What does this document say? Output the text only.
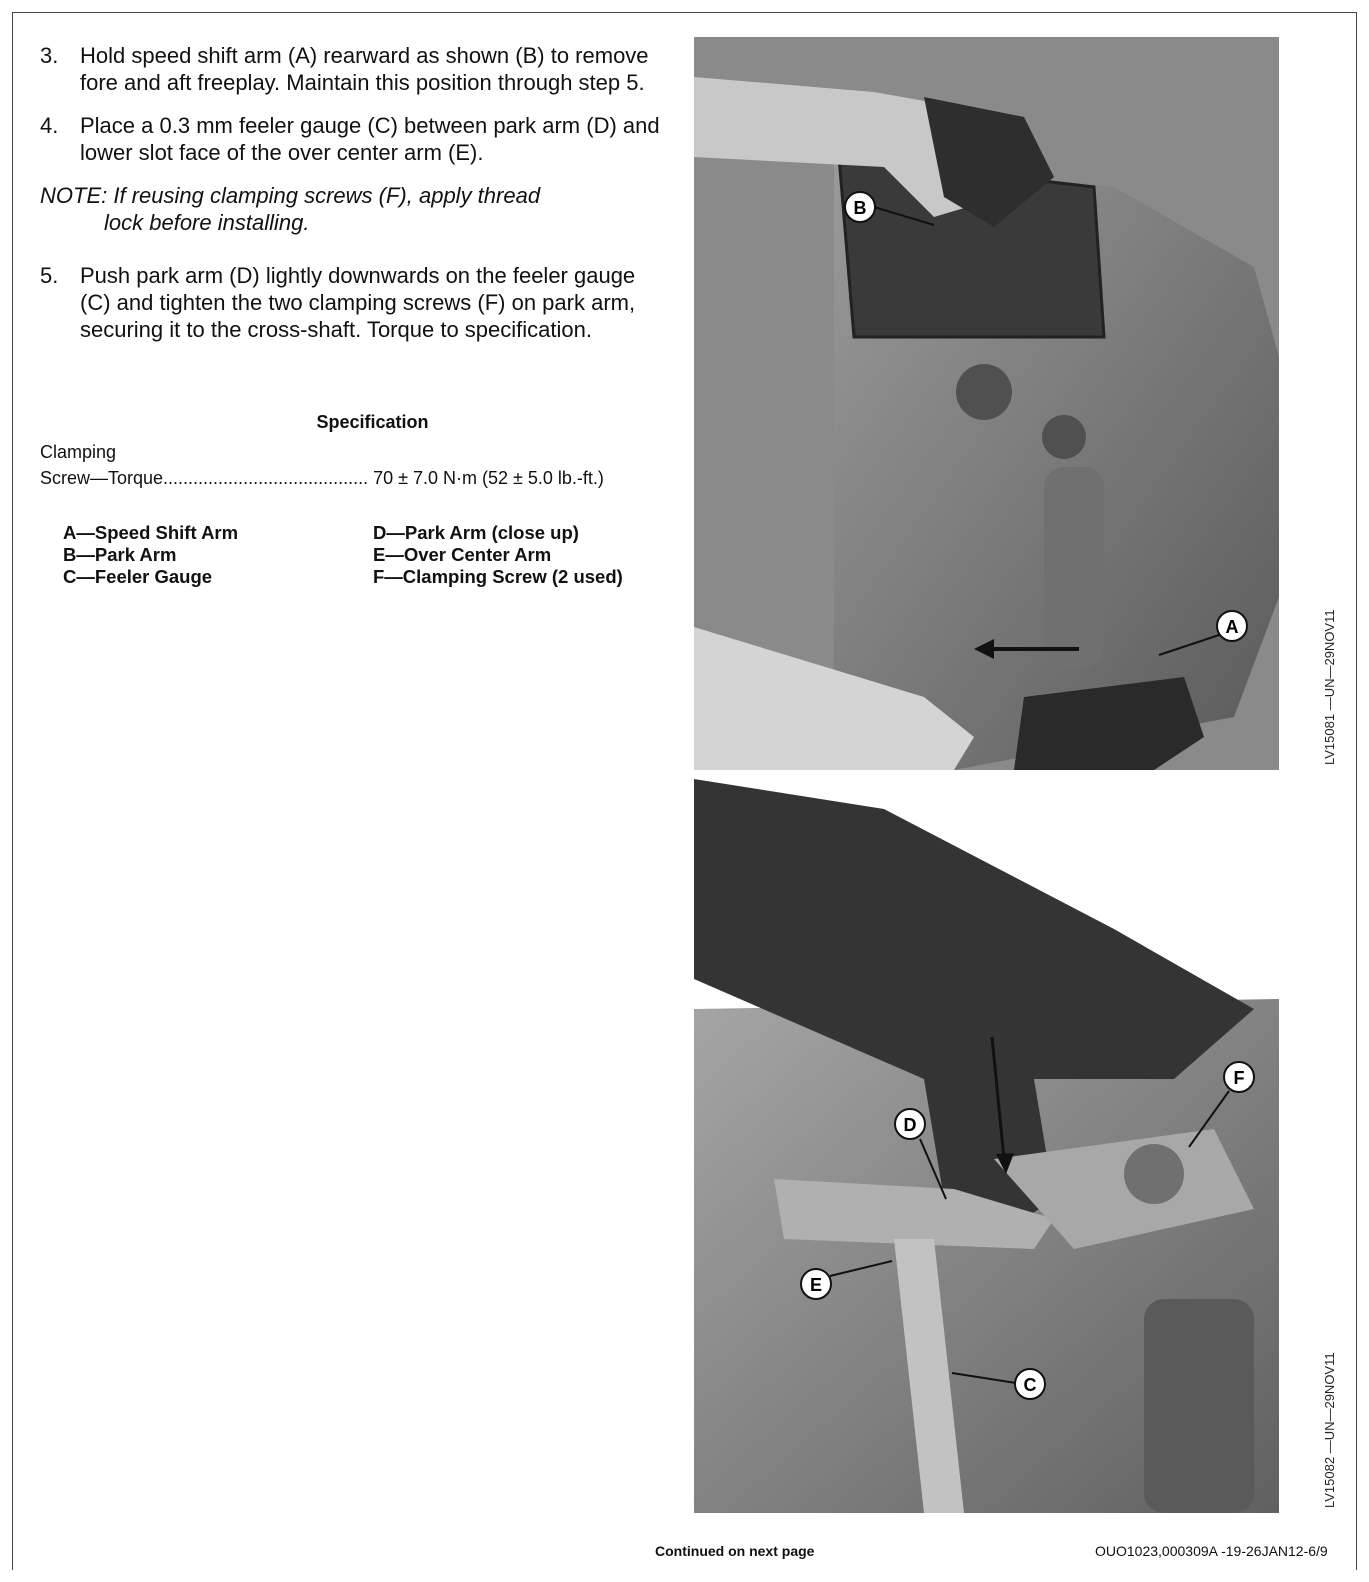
3. Hold speed shift arm (A) rearward as shown (B) to remove fore and aft freeplay. Maintain this position through step 5.
4. Place a 0.3 mm feeler gauge (C) between park arm (D) and lower slot face of the over center arm (E).
NOTE: If reusing clamping screws (F), apply thread
lock before installing.
5. Push park arm (D) lightly downwards on the feeler gauge (C) and tighten the two clamping screws (F) on park arm, securing it to the cross-shaft. Torque to specification.
Specification
Clamping
Screw—Torque......................................... 70 ± 7.0 N·m (52 ± 5.0 lb.-ft.)
A—Speed Shift Arm
B—Park Arm
C—Feeler Gauge
D—Park Arm (close up)
E—Over Center Arm
F—Clamping Screw (2 used)
B
A	LV15081 —UN—29NOV11
D
F
E
C	LV15082 —UN—29NOV11
Continued on next page	OUO1023,000309A -19-26JAN12-6/9
